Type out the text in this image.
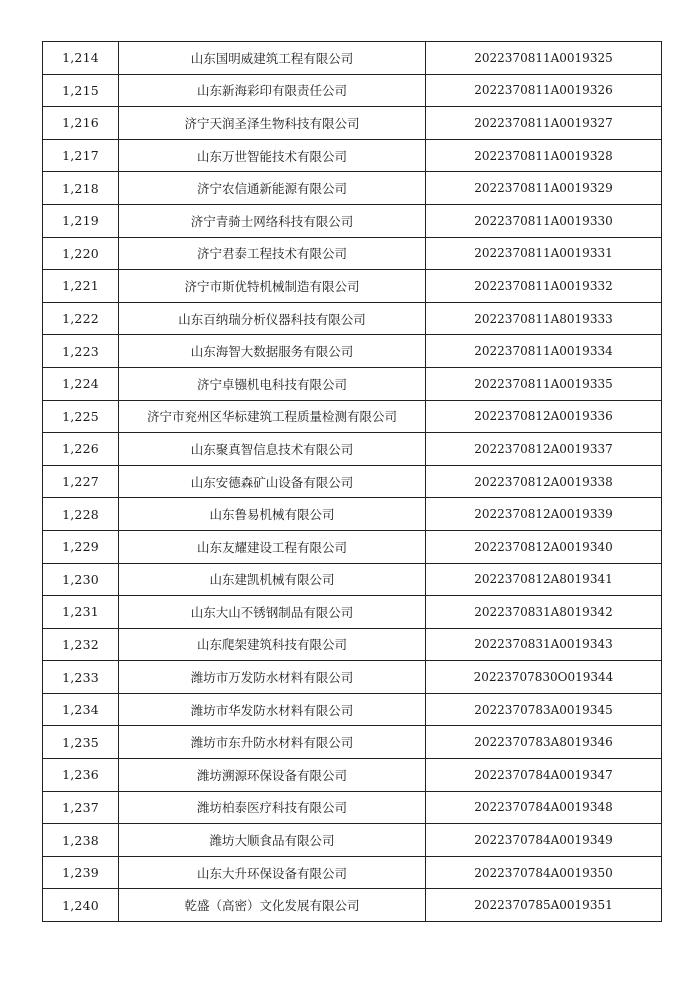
1,214	山东国明威建筑工程有限公司	2022370811A0019325
1,215	山东新海彩印有限责任公司	2022370811A0019326
1,216	济宁天润圣泽生物科技有限公司	2022370811A0019327
1,217	山东万世智能技术有限公司	2022370811A0019328
1,218	济宁农信通新能源有限公司	2022370811A0019329
1,219	济宁青骑士网络科技有限公司	2022370811A0019330
1,220	济宁君泰工程技术有限公司	2022370811A0019331
1,221	济宁市斯优特机械制造有限公司	2022370811A0019332
1,222	山东百纳瑞分析仪器科技有限公司	2022370811A8019333
1,223	山东海智大数据服务有限公司	2022370811A0019334
1,224	济宁卓镪机电科技有限公司	2022370811A0019335
1,225	济宁市兖州区华标建筑工程质量检测有限公司	2022370812A0019336
1,226	山东聚真智信息技术有限公司	2022370812A0019337
1,227	山东安德森矿山设备有限公司	2022370812A0019338
1,228	山东鲁易机械有限公司	2022370812A0019339
1,229	山东友耀建设工程有限公司	2022370812A0019340
1,230	山东建凯机械有限公司	2022370812A8019341
1,231	山东大山不锈钢制品有限公司	2022370831A8019342
1,232	山东爬架建筑科技有限公司	2022370831A0019343
1,233	潍坊市万发防水材料有限公司	20223707830O019344
1,234	潍坊市华发防水材料有限公司	2022370783A0019345
1,235	潍坊市东升防水材料有限公司	2022370783A8019346
1,236	潍坊溯源环保设备有限公司	2022370784A0019347
1,237	潍坊柏泰医疗科技有限公司	2022370784A0019348
1,238	潍坊大顺食品有限公司	2022370784A0019349
1,239	山东大升环保设备有限公司	2022370784A0019350
1,240	乾盛（高密）文化发展有限公司	2022370785A0019351
